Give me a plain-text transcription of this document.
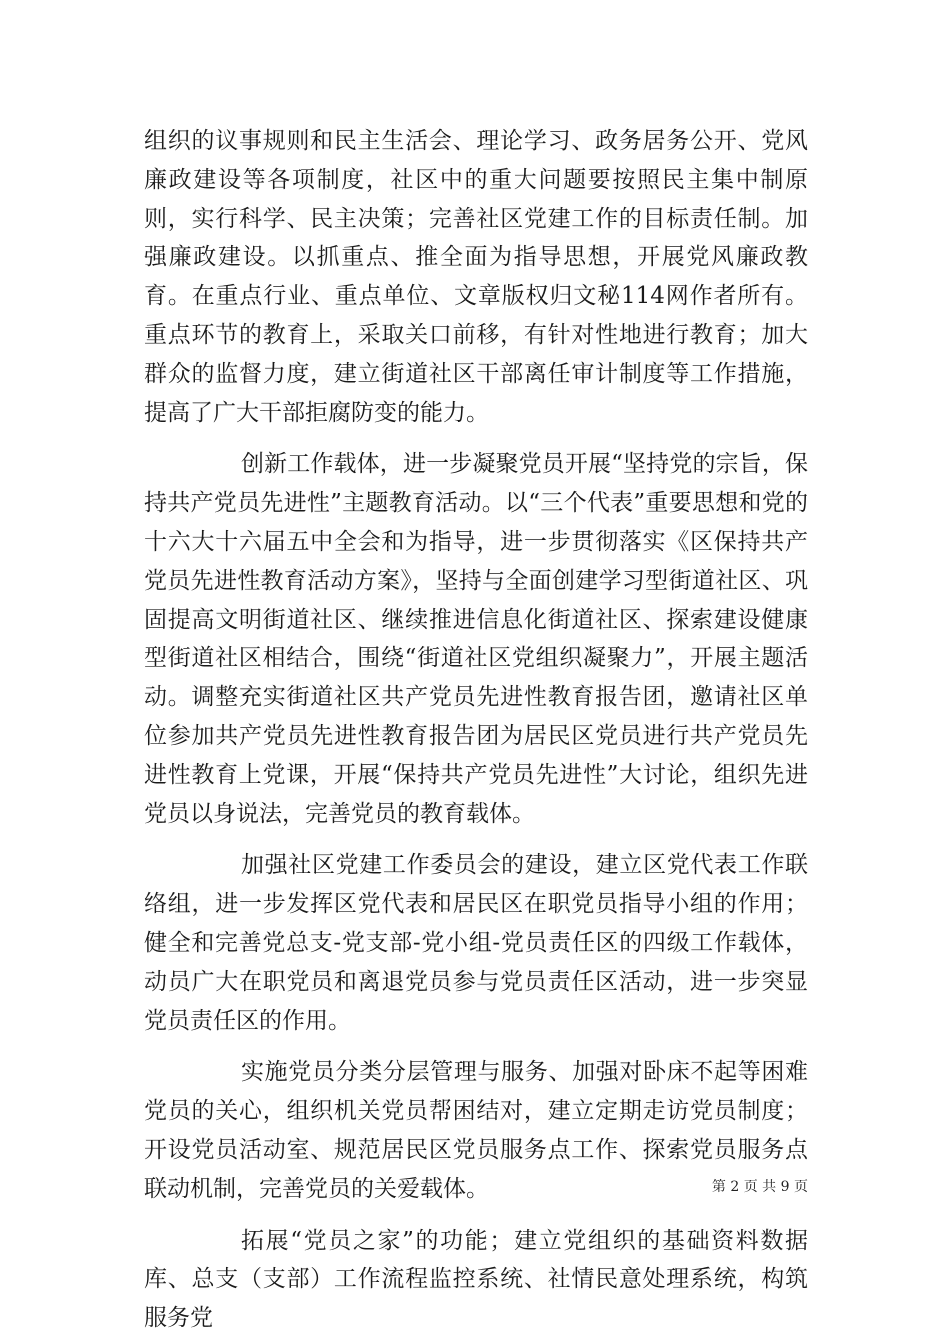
组织的议事规则和民主生活会、理论学习、政务居务公开、党风廉政建设等各项制度，社区中的重大问题要按照民主集中制原则，实行科学、民主决策；完善社区党建工作的目标责任制。加强廉政建设。以抓重点、推全面为指导思想，开展党风廉政教育。在重点行业、重点单位、文章版权归文秘114网作者所有。重点环节的教育上，采取关口前移，有针对性地进行教育；加大群众的监督力度，建立街道社区干部离任审计制度等工作措施，提高了广大干部拒腐防变的能力。

创新工作载体，进一步凝聚党员开展“坚持党的宗旨，保持共产党员先进性”主题教育活动。以“三个代表”重要思想和党的十六大十六届五中全会和为指导，进一步贯彻落实《区保持共产党员先进性教育活动方案》，坚持与全面创建学习型街道社区、巩固提高文明街道社区、继续推进信息化街道社区、探索建设健康型街道社区相结合，围绕“街道社区党组织凝聚力”，开展主题活动。调整充实街道社区共产党员先进性教育报告团，邀请社区单位参加共产党员先进性教育报告团为居民区党员进行共产党员先进性教育上党课，开展“保持共产党员先进性”大讨论，组织先进党员以身说法，完善党员的教育载体。

加强社区党建工作委员会的建设，建立区党代表工作联络组，进一步发挥区党代表和居民区在职党员指导小组的作用；健全和完善党总支-党支部-党小组-党员责任区的四级工作载体，动员广大在职党员和离退党员参与党员责任区活动，进一步突显党员责任区的作用。

实施党员分类分层管理与服务、加强对卧床不起等困难党员的关心，组织机关党员帮困结对，建立定期走访党员制度；开设党员活动室、规范居民区党员服务点工作、探索党员服务点联动机制，完善党员的关爱载体。

拓展“党员之家”的功能；建立党组织的基础资料数据库、总支（支部）工作流程监控系统、社情民意处理系统，构筑服务党

第 2 页 共 9 页
